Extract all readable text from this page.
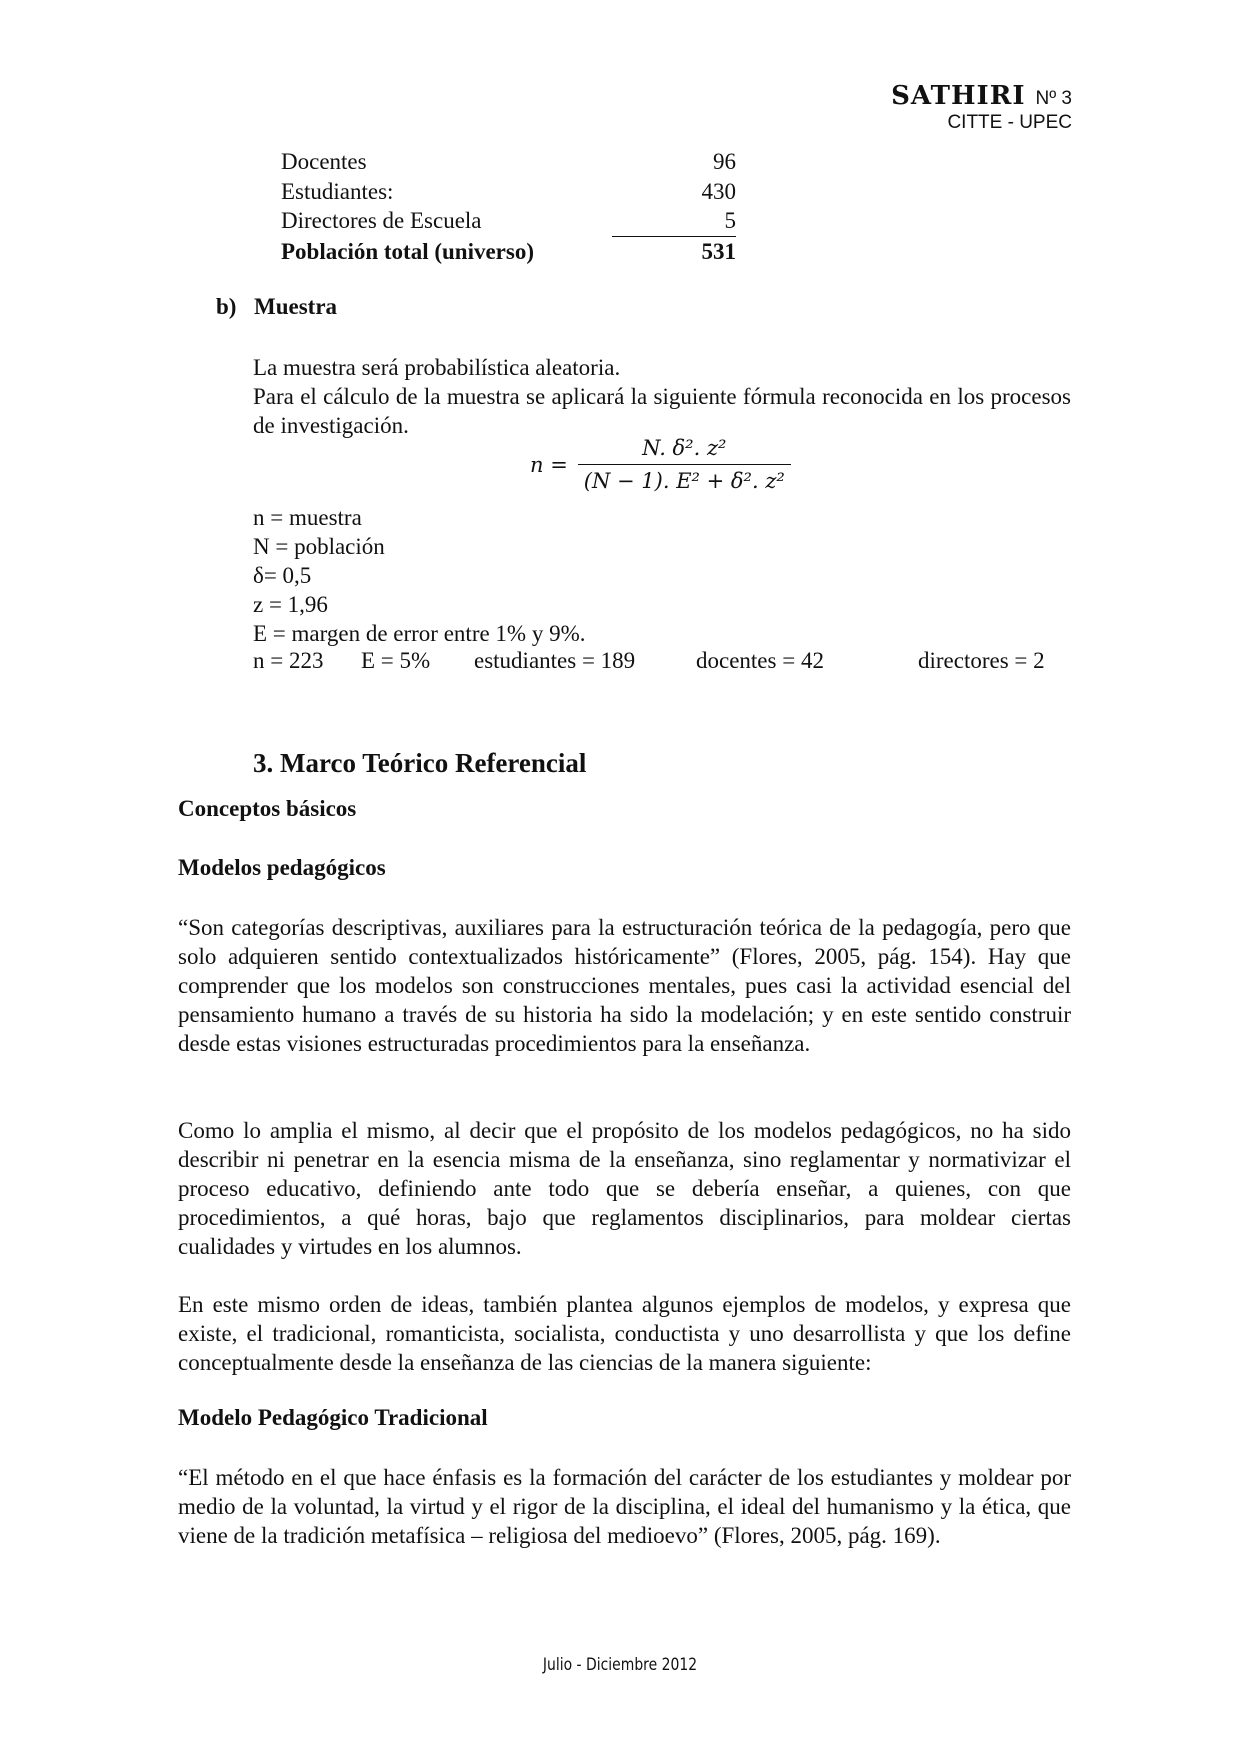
SATHIRI Nº 3
CITTE - UPEC
Docentes	96
Estudiantes:	430
Directores de Escuela	5
Población total (universo)	531
b) Muestra
La muestra será probabilística aleatoria.
Para el cálculo de la muestra se aplicará la siguiente fórmula reconocida en los procesos de investigación.
$n = \frac{\text{N. δ². z²}}{\text{(N − 1). E² + δ². z²}}$
n = muestra
N = población
δ= 0,5
z = 1,96
E = margen de error entre 1% y 9%.
n = 223	E = 5%	estudiantes = 189	docentes = 42	directores = 2
3. Marco Teórico Referencial
Conceptos básicos
Modelos pedagógicos
“Son categorías descriptivas, auxiliares para la estructuración teórica de la pedagogía, pero que solo adquieren sentido contextualizados históricamente” (Flores, 2005, pág. 154). Hay que comprender que los modelos son construcciones mentales, pues casi la actividad esencial del pensamiento humano a través de su historia ha sido la modelación; y en este sentido construir desde estas visiones estructuradas procedimientos para la enseñanza.
Como lo amplia el mismo, al decir que el propósito de los modelos pedagógicos, no ha sido describir ni penetrar en la esencia misma de la enseñanza, sino reglamentar y normativizar el proceso educativo, definiendo ante todo que se debería enseñar, a quienes, con que procedimientos, a qué horas, bajo que reglamentos disciplinarios, para moldear ciertas cualidades y virtudes en los alumnos.
En este mismo orden de ideas, también plantea algunos ejemplos de modelos, y expresa que existe, el tradicional, romanticista, socialista, conductista y uno desarrollista y que los define conceptualmente desde la enseñanza de las ciencias de la manera siguiente:
Modelo Pedagógico Tradicional
“El método en el que hace énfasis es la formación del carácter de los estudiantes y moldear por medio de la voluntad, la virtud y el rigor de la disciplina, el ideal del humanismo y la ética, que viene de la tradición metafísica – religiosa del medioevo” (Flores, 2005, pág. 169).
Julio - Diciembre 2012
